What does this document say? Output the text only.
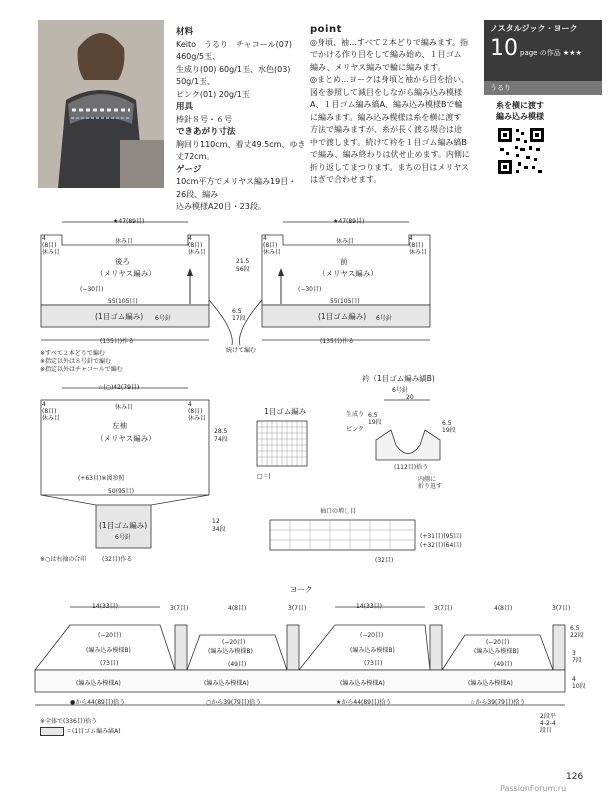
材料
Keito　うるり　チャコール(07) 460g/5玉、
生成り(00) 60g/1玉、水色(03) 50g/1玉、
ピンク(01) 20g/1玉
用具
棒針８号・６号
できあがり寸法
胸回り110cm、着丈49.5cm、ゆき丈72cm。
ゲージ
10cm平方でメリヤス編み19目・26段、編み
込み模様A20目・23段。
point
◎身頃、袖…すべて２本どりで編みます。指
でかける作り目をして編み始め、１目ゴム
編み、メリヤス編みで輪に編みます。
◎まとめ…ヨークは身頃と袖から目を拾い、
図を参照して減目をしながら編み込み模様
A、１目ゴム編み縞A、編み込み模様Bで輪
に編みます。編み込み模様は糸を横に渡す
方法で編みますが、糸が長く渡る場合は途
中で渡します。続けて衿を１目ゴム編み縞B
で編み、編み終わりは伏せ止めます。内側に
折り返してまつります。まちの目はメリヤス
はぎで合わせます。
ノスタルジック・ヨーク
10 page の作品 ★★★
うるり
糸を横に渡す
編み込み模様
★47(89目)	★47(89目)
休み目	休み目
4
(8目)
休み目
4
(8目)
休み目
4
(8目)
休み目
4
(8目)
休み目
後ろ
（メリヤス編み）
前
（メリヤス編み）
21.5
56段
(−30目)	(−30目)
55(105目)	55(105目)
(1目ゴム編み) 6号針	(1目ゴム編み) 6号針
6.5
17段
(135目)作る	(135目)作る
続けて編む
※すべて２本どりで編む
※指定以外は８号針で編む
※指定以外はチャコールで編む
☆(○)42(79目)
休み目
4
(8目)
休み目
4
(8目)
休み目
左袖
（メリヤス編み）
28.5
74段
(+63目)※図参照
50(95目)
(1目ゴム編み)
6号針
12
34段
(32目)作る
※○は右袖の合印
1目ゴム編み
□＝|
袖口の増し目
(+31目)(95目)
(+32目)(64目)
(32目)
衿（1目ゴム編み縞B)
6号針
20
生成り
ピンク
6.5
19段	6.5
19段
(112目)拾う
内側に
折り返す
ヨーク
14(33目)	14(33目)
3(7目)	4(8目)	3(7目)	3(7目)	4(8目)	3(7目)
(−20目)	(−20目)
(−20目)	(−20目)
(編み込み模様B)	(編み込み模様B)	(編み込み模様B)	(編み込み模様B)
(73目)	(49目)	(73目)	(49目)
(編み込み模様A)	(編み込み模様A)	(編み込み模様A)	(編み込み模様A)
●から44(89目)拾う	○から39(79目)拾う	★から44(89目)拾う	☆から39(79目)拾う
6.5
22段
3
7段
4
10段
※全体で(336目)拾う
＝(1目ゴム編み縞A)
2段平
4-2-4
段目
126
PassionForum.ru
